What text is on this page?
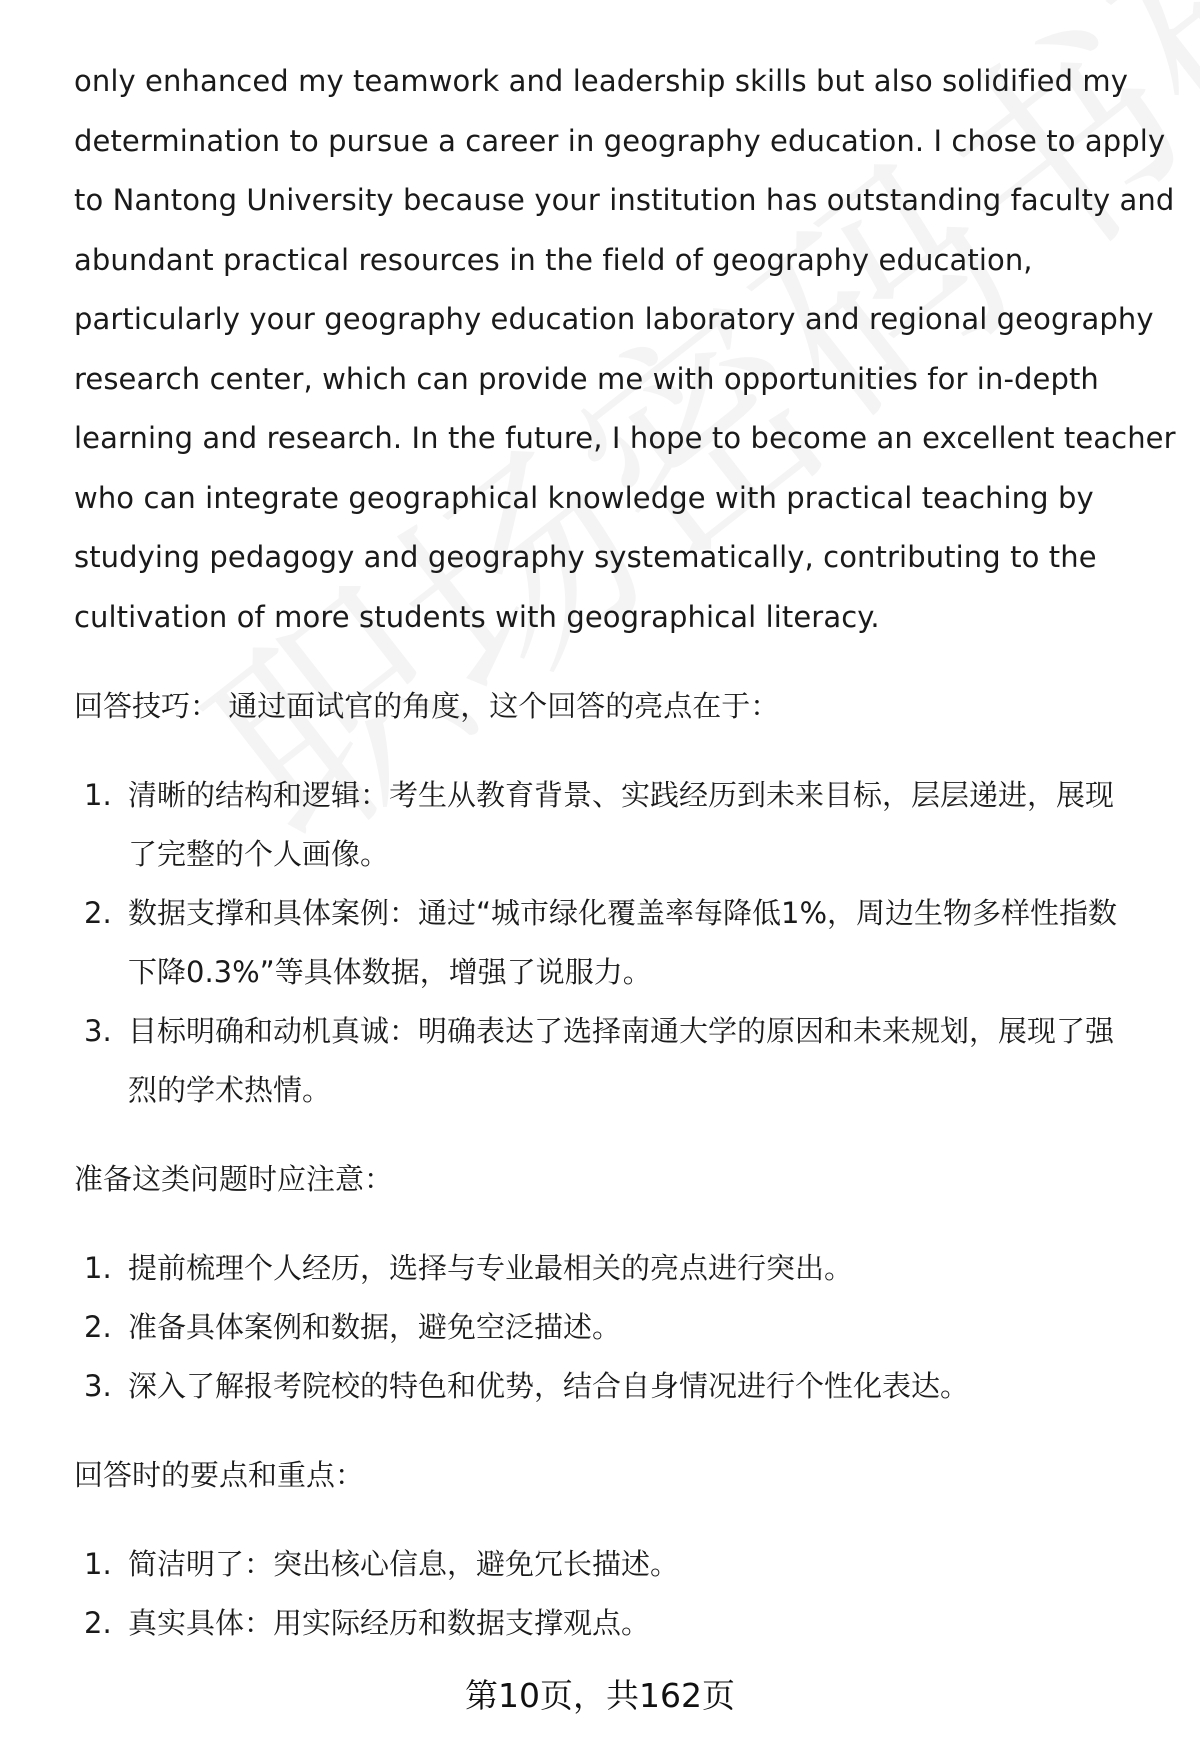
only enhanced my teamwork and leadership skills but also solidified my
determination to pursue a career in geography education. I chose to apply
to Nantong University because your institution has outstanding faculty and
abundant practical resources in the field of geography education,
particularly your geography education laboratory and regional geography
research center, which can provide me with opportunities for in-depth
learning and research. In the future, I hope to become an excellent teacher
who can integrate geographical knowledge with practical teaching by
studying pedagogy and geography systematically, contributing to the
cultivation of more students with geographical literacy.

回答技巧： 通过面试官的角度，这个回答的亮点在于：

1. 清晰的结构和逻辑：考生从教育背景、实践经历到未来目标，层层递进，展现
了完整的个人画像。
2. 数据支撑和具体案例：通过“城市绿化覆盖率每降低1%，周边生物多样性指数
下降0.3%”等具体数据，增强了说服力。
3. 目标明确和动机真诚：明确表达了选择南通大学的原因和未来规划，展现了强
烈的学术热情。

准备这类问题时应注意：

1. 提前梳理个人经历，选择与专业最相关的亮点进行突出。
2. 准备具体案例和数据，避免空泛描述。
3. 深入了解报考院校的特色和优势，结合自身情况进行个性化表达。

回答时的要点和重点：

1. 简洁明了：突出核心信息，避免冗长描述。
2. 真实具体：用实际经历和数据支撑观点。
第10页，共162页
